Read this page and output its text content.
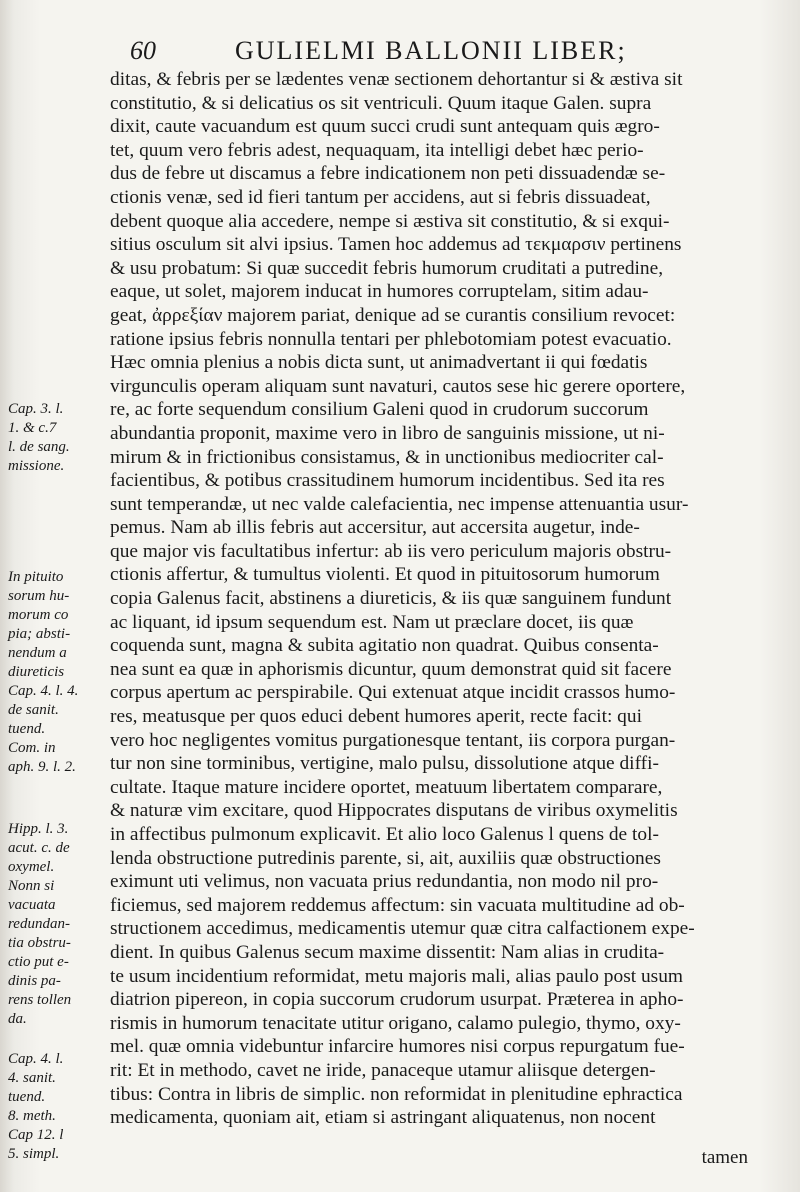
60	GULIELMI BALLONII LIBER;
Cap. 3. l.
1. & c.7
l. de sang.
missione.
In pituito
sorum hu-
morum co
pia; absti-
nendum a
diureticis
Cap. 4. l. 4.
de sanit.
tuend.
Com. in
aph. 9. l. 2.
Hipp. l. 3.
acut. c. de
oxymel.
Nonn si
vacuata
redundan-
tia obstru-
ctio put e-
dinis pa-
rens tollen
da.
Cap. 4. l.
4. sanit.
tuend.
8. meth.
Cap 12. l
5. simpl.
ditas, & febris per se lædentes venæ sectionem dehortantur si & æstiva sit
constitutio, & si delicatius os sit ventriculi. Quum itaque Galen. supra
dixit, caute vacuandum est quum succi crudi sunt antequam quis ægro-
tet, quum vero febris adest, nequaquam, ita intelligi debet hæc perio-
dus de febre ut discamus a febre indicationem non peti dissuadendæ se-
ctionis venæ, sed id fieri tantum per accidens, aut si febris dissuadeat,
debent quoque alia accedere, nempe si æstiva sit constitutio, & si exqui-
sitius osculum sit alvi ipsius. Tamen hoc addemus ad τεκμαρσιν pertinens
& usu probatum: Si quæ succedit febris humorum cruditati a putredine,
eaque, ut solet, majorem inducat in humores corruptelam, sitim adau-
geat, ἀρρεξίαν majorem pariat, denique ad se curantis consilium revocet:
ratione ipsius febris nonnulla tentari per phlebotomiam potest evacuatio.
Hæc omnia plenius a nobis dicta sunt, ut animadvertant ii qui fœdatis
virgunculis operam aliquam sunt navaturi, cautos sese hic gerere oportere,
re, ac forte sequendum consilium Galeni quod in crudorum succorum
abundantia proponit, maxime vero in libro de sanguinis missione, ut ni-
mirum & in frictionibus consistamus, & in unctionibus mediocriter cal-
facientibus, & potibus crassitudinem humorum incidentibus. Sed ita res
sunt temperandæ, ut nec valde calefacientia, nec impense attenuantia usur-
pemus. Nam ab illis febris aut accersitur, aut accersita augetur, inde-
que major vis facultatibus infertur: ab iis vero periculum majoris obstru-
ctionis affertur, & tumultus violenti. Et quod in pituitosorum humorum
copia Galenus facit, abstinens a diureticis, & iis quæ sanguinem fundunt
ac liquant, id ipsum sequendum est. Nam ut præclare docet, iis quæ
coquenda sunt, magna & subita agitatio non quadrat. Quibus consenta-
nea sunt ea quæ in aphorismis dicuntur, quum demonstrat quid sit facere
corpus apertum ac perspirabile. Qui extenuat atque incidit crassos humo-
res, meatusque per quos educi debent humores aperit, recte facit: qui
vero hoc negligentes vomitus purgationesque tentant, iis corpora purgan-
tur non sine torminibus, vertigine, malo pulsu, dissolutione atque diffi-
cultate. Itaque mature incidere oportet, meatuum libertatem comparare,
& naturæ vim excitare, quod Hippocrates disputans de viribus oxymelitis
in affectibus pulmonum explicavit. Et alio loco Galenus l quens de tol-
lenda obstructione putredinis parente, si, ait, auxiliis quæ obstructiones
eximunt uti velimus, non vacuata prius redundantia, non modo nil pro-
ficiemus, sed majorem reddemus affectum: sin vacuata multitudine ad ob-
structionem accedimus, medicamentis utemur quæ citra calfactionem expe-
dient. In quibus Galenus secum maxime dissentit: Nam alias in crudita-
te usum incidentium reformidat, metu majoris mali, alias paulo post usum
diatrion pipereon, in copia succorum crudorum usurpat. Præterea in apho-
rismis in humorum tenacitate utitur origano, calamo pulegio, thymo, oxy-
mel. quæ omnia videbuntur infarcire humores nisi corpus repurgatum fue-
rit: Et in methodo, cavet ne iride, panaceque utamur aliisque detergen-
tibus: Contra in libris de simplic. non reformidat in plenitudine ephractica
medicamenta, quoniam ait, etiam si astringant aliquatenus, non nocent
tamen
